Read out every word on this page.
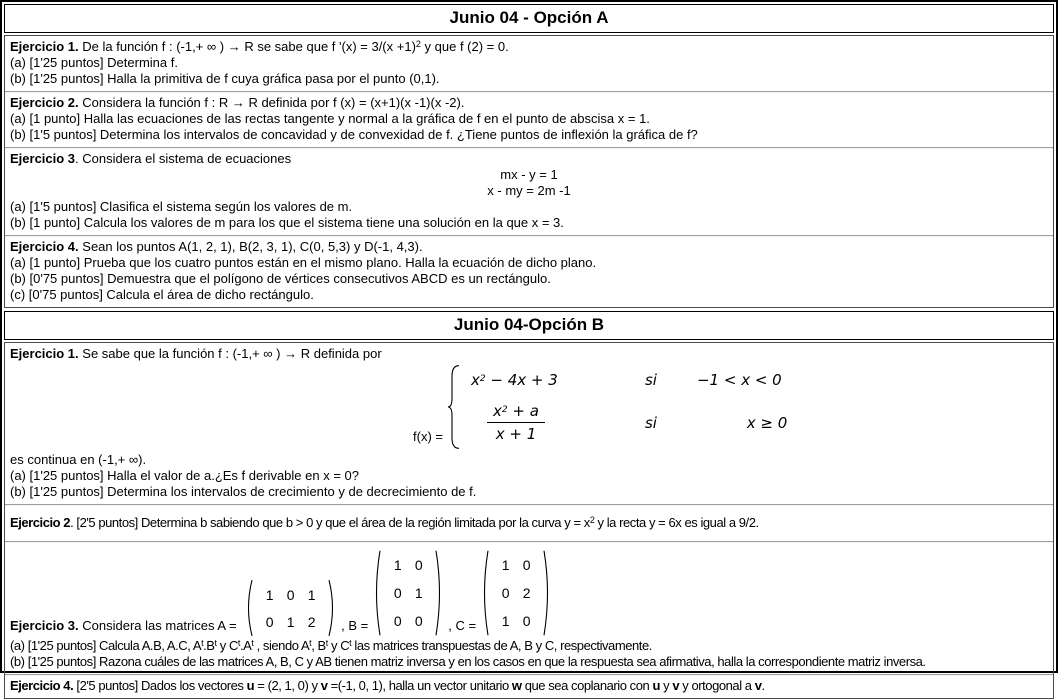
Junio 04 - Opción A
Ejercicio 1. De la función f : (-1,+ ∞ ) → R se sabe que f '$(x) = 3/(x +1)^2$ y que f (2) = 0.
(a) [1'25 puntos] Determina f.
(b) [1'25 puntos] Halla la primitiva de f cuya gráfica pasa por el punto (0,1).
Ejercicio 2. Considera la función f : R → R definida por f (x) = (x+1)(x -1)(x -2).
(a) [1 punto] Halla las ecuaciones de las rectas tangente y normal a la gráfica de f en el punto de abscisa x = 1.
(b) [1'5 puntos] Determina los intervalos de concavidad y de convexidad de f. ¿Tiene puntos de inflexión la gráfica de f?
Ejercicio 3. Considera el sistema de ecuaciones
mx - y = 1
x - my = 2m -1
(a) [1'5 puntos] Clasifica el sistema según los valores de m.
(b) [1 punto] Calcula los valores de m para los que el sistema tiene una solución en la que x = 3.
Ejercicio 4. Sean los puntos A(1, 2, 1), B(2, 3, 1), C(0, 5,3) y D(-1, 4,3).
(a) [1 punto] Prueba que los cuatro puntos están en el mismo plano. Halla la ecuación de dicho plano.
(b) [0'75 puntos] Demuestra que el polígono de vértices consecutivos ABCD es un rectángulo.
(c) [0'75 puntos] Calcula el área de dicho rectángulo.
Junio 04-Opción B
Ejercicio 1. Se sabe que la función f : (-1,+ ∞ ) → R definida por
f(x) =
$x^2 - 4x + 3$	si	−1 < x < 0
$\frac{x^2 + a}{x + 1}$	si	x ≥ 0
es continua en (-1,+ ∞).
(a) [1'25 puntos] Halla el valor de a.¿Es f derivable en x = 0?
(b) [1'25 puntos] Determina los intervalos de crecimiento y de decrecimiento de f.
Ejercicio 2. [2'5 puntos] Determina b sabiendo que b > 0 y que el área de la región limitada por la curva $y = x^2$ y la recta y = 6x es igual a 9/2.
Ejercicio 3. Considera las matrices A =
1 0 1
0 1 2 , B =
1 0
0 1
0 0 , C =
1 0
0 2
1 0
(a) [1'25 puntos] Calcula A.B, A.C, $A^t.B^t$ y $C^t.A^t$ , siendo $A^t$, $B^t$ y $C^t$ las matrices transpuestas de A, B y C, respectivamente.
(b) [1'25 puntos] Razona cuáles de las matrices A, B, C y AB tienen matriz inversa y en los casos en que la respuesta sea afirmativa, halla la correspondiente matriz inversa.
Ejercicio 4. [2'5 puntos] Dados los vectores u = (2, 1, 0) y v =(-1, 0, 1), halla un vector unitario w que sea coplanario con u y v y ortogonal a v.
